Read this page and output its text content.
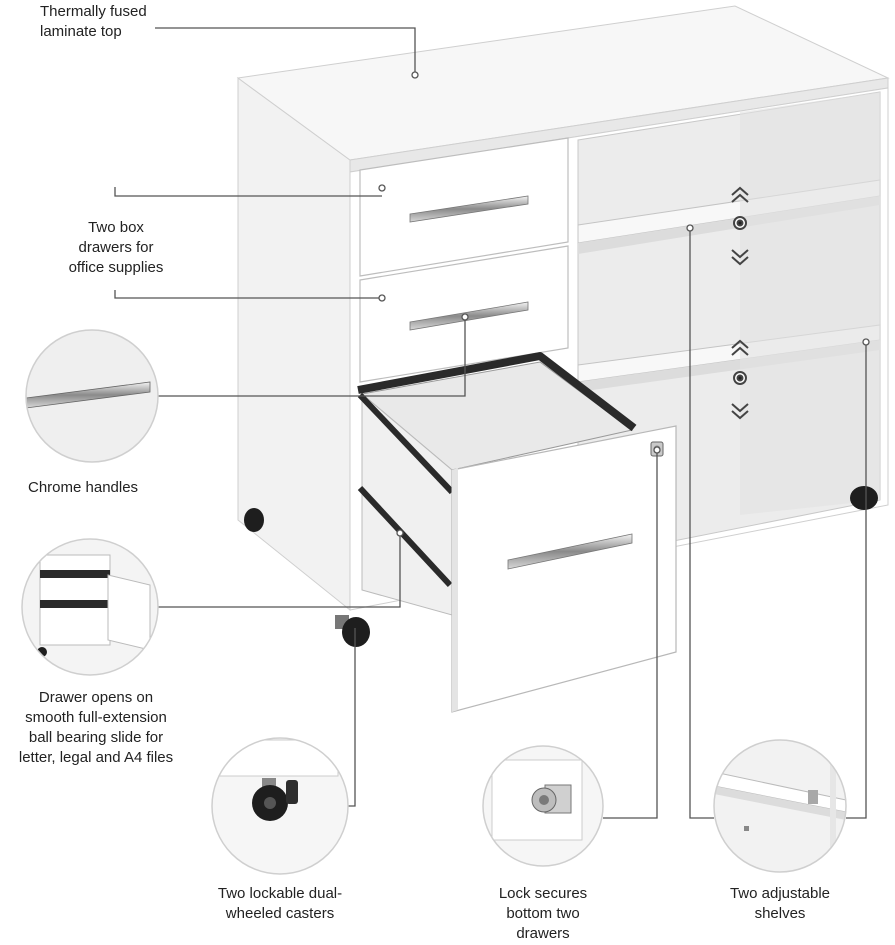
Thermally fused
laminate top
Two box
drawers for
office supplies
Chrome handles
Drawer opens on
smooth full-extension
ball bearing slide for
letter, legal and A4 files
Two lockable dual-
wheeled casters
Lock secures
bottom two
drawers
Two adjustable
shelves
